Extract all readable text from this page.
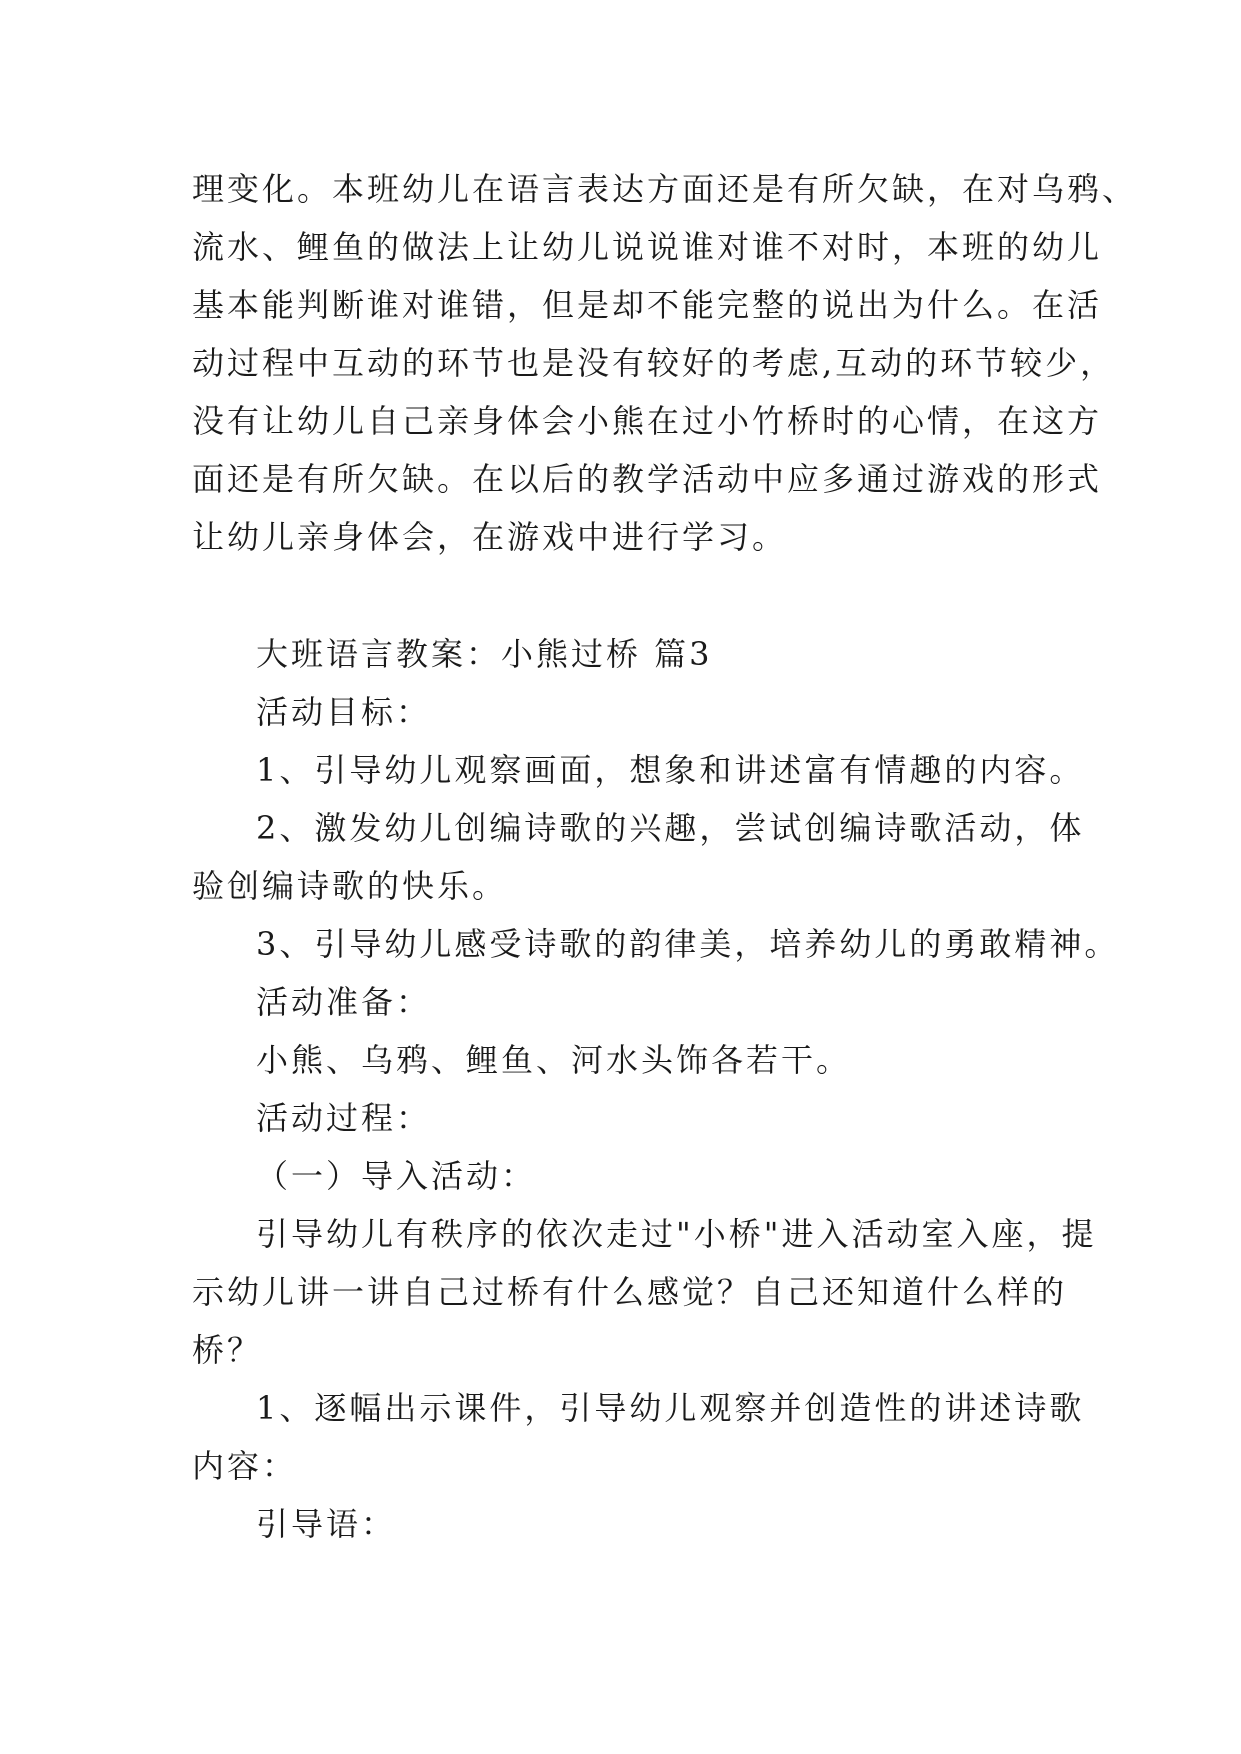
理变化。本班幼儿在语言表达方面还是有所欠缺，在对乌鸦、
流水、鲤鱼的做法上让幼儿说说谁对谁不对时，本班的幼儿
基本能判断谁对谁错，但是却不能完整的说出为什么。在活
动过程中互动的环节也是没有较好的考虑,互动的环节较少，
没有让幼儿自己亲身体会小熊在过小竹桥时的心情，在这方
面还是有所欠缺。在以后的教学活动中应多通过游戏的形式
让幼儿亲身体会，在游戏中进行学习。
大班语言教案：小熊过桥 篇3
活动目标：
1、引导幼儿观察画面，想象和讲述富有情趣的内容。
2、激发幼儿创编诗歌的兴趣，尝试创编诗歌活动，体
验创编诗歌的快乐。
3、引导幼儿感受诗歌的韵律美，培养幼儿的勇敢精神。
活动准备：
小熊、乌鸦、鲤鱼、河水头饰各若干。
活动过程：
（一）导入活动：
引导幼儿有秩序的依次走过"小桥"进入活动室入座，提
示幼儿讲一讲自己过桥有什么感觉？自己还知道什么样的
桥？
1、逐幅出示课件，引导幼儿观察并创造性的讲述诗歌
内容：
引导语：
